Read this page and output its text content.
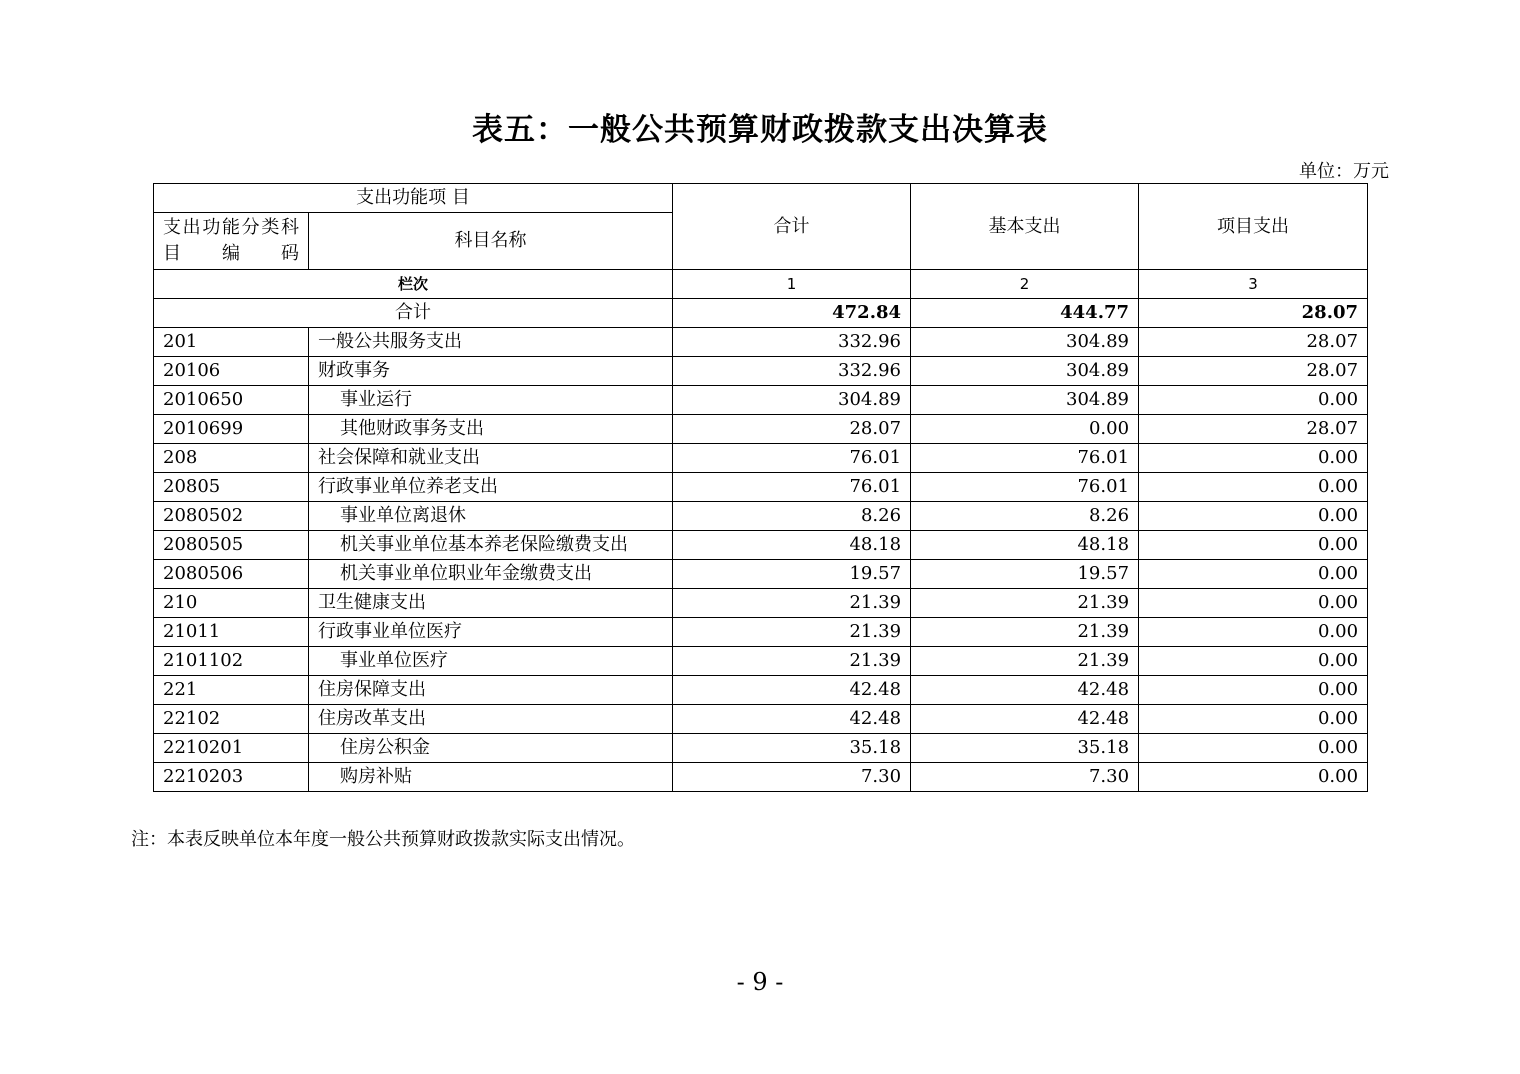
表五：一般公共预算财政拨款支出决算表
单位：万元
支出功能项 目		合计	基本支出	项目支出
支出功能分类科目编码	科目名称			
栏次		1	2	3
合计		472.84	444.77	28.07
201	一般公共服务支出	332.96	304.89	28.07
20106	财政事务	332.96	304.89	28.07
2010650	事业运行	304.89	304.89	0.00
2010699	其他财政事务支出	28.07	0.00	28.07
208	社会保障和就业支出	76.01	76.01	0.00
20805	行政事业单位养老支出	76.01	76.01	0.00
2080502	事业单位离退休	8.26	8.26	0.00
2080505	机关事业单位基本养老保险缴费支出	48.18	48.18	0.00
2080506	机关事业单位职业年金缴费支出	19.57	19.57	0.00
210	卫生健康支出	21.39	21.39	0.00
21011	行政事业单位医疗	21.39	21.39	0.00
2101102	事业单位医疗	21.39	21.39	0.00
221	住房保障支出	42.48	42.48	0.00
22102	住房改革支出	42.48	42.48	0.00
2210201	住房公积金	35.18	35.18	0.00
2210203	购房补贴	7.30	7.30	0.00
注：本表反映单位本年度一般公共预算财政拨款实际支出情况。
- 9 -
